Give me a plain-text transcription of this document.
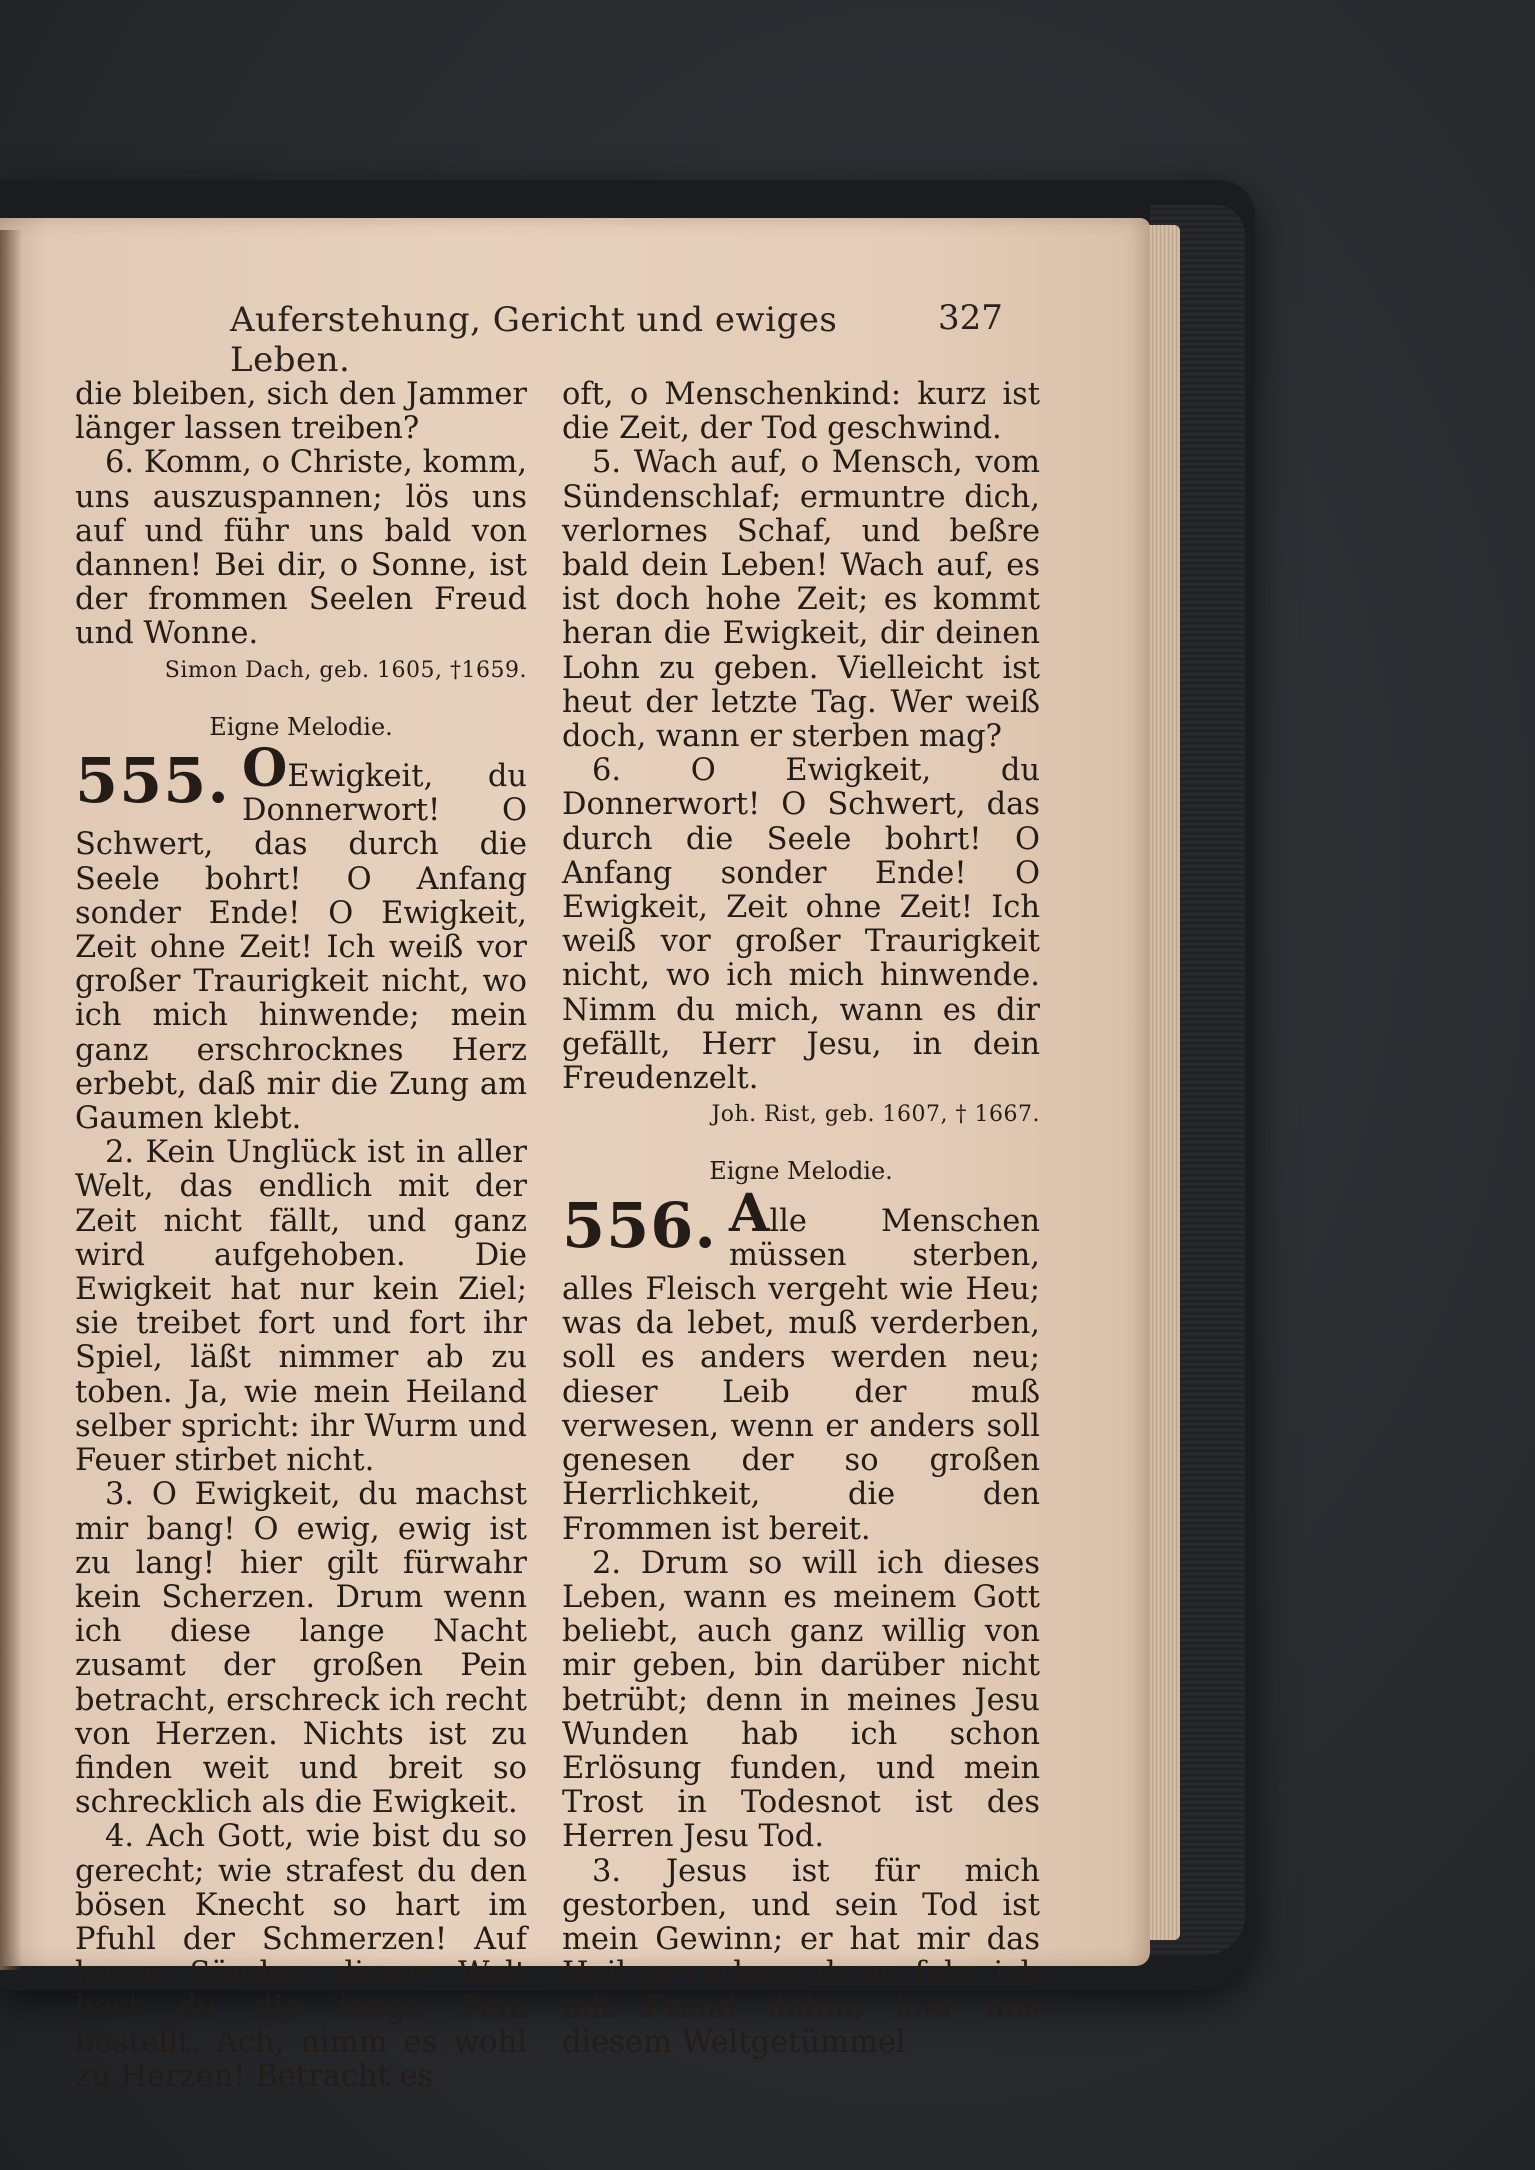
Auferstehung, Gericht und ewiges Leben.
327

die bleiben, sich den Jammer länger lassen treiben?

6. Komm, o Christe, komm, uns auszuspannen; lös uns auf und führ uns bald von dannen! Bei dir, o Sonne, ist der frommen Seelen Freud und Wonne.

Simon Dach, geb. 1605, †1659.

Eigne Melodie.

555. OEwigkeit, du Donnerwort! O Schwert, das durch die Seele bohrt! O Anfang sonder Ende! O Ewigkeit, Zeit ohne Zeit! Ich weiß vor großer Traurigkeit nicht, wo ich mich hinwende; mein ganz erschrocknes Herz erbebt, daß mir die Zung am Gaumen klebt.

2. Kein Unglück ist in aller Welt, das endlich mit der Zeit nicht fällt, und ganz wird aufgehoben. Die Ewigkeit hat nur kein Ziel; sie treibet fort und fort ihr Spiel, läßt nimmer ab zu toben. Ja, wie mein Heiland selber spricht: ihr Wurm und Feuer stirbet nicht.

3. O Ewigkeit, du machst mir bang! O ewig, ewig ist zu lang! hier gilt fürwahr kein Scherzen. Drum wenn ich diese lange Nacht zusamt der großen Pein betracht, erschreck ich recht von Herzen. Nichts ist zu finden weit und breit so schrecklich als die Ewigkeit.

4. Ach Gott, wie bist du so gerecht; wie strafest du den bösen Knecht so hart im Pfuhl der Schmerzen! Auf kurze Sünden dieser Welt hast du die lange Pein bestellt. Ach, nimm es wohl zu Herzen! Betracht es

oft, o Menschenkind: kurz ist die Zeit, der Tod geschwind.

5. Wach auf, o Mensch, vom Sündenschlaf; ermuntre dich, verlornes Schaf, und beßre bald dein Leben! Wach auf, es ist doch hohe Zeit; es kommt heran die Ewigkeit, dir deinen Lohn zu geben. Vielleicht ist heut der letzte Tag. Wer weiß doch, wann er sterben mag?

6. O Ewigkeit, du Donnerwort! O Schwert, das durch die Seele bohrt! O Anfang sonder Ende! O Ewigkeit, Zeit ohne Zeit! Ich weiß vor großer Traurigkeit nicht, wo ich mich hinwende. Nimm du mich, wann es dir gefällt, Herr Jesu, in dein Freudenzelt.

Joh. Rist, geb. 1607, † 1667.

Eigne Melodie.

556. Alle Menschen müssen sterben, alles Fleisch vergeht wie Heu; was da lebet, muß verderben, soll es anders werden neu; dieser Leib der muß verwesen, wenn er anders soll genesen der so großen Herrlichkeit, die den Frommen ist bereit.

2. Drum so will ich dieses Leben, wann es meinem Gott beliebt, auch ganz willig von mir geben, bin darüber nicht betrübt; denn in meines Jesu Wunden hab ich schon Erlösung funden, und mein Trost in Todesnot ist des Herren Jesu Tod.

3. Jesus ist für mich gestorben, und sein Tod ist mein Gewinn; er hat mir das Heil erworben: drum fahr ich mit Freud dahin, hier aus diesem Weltgetümmel
